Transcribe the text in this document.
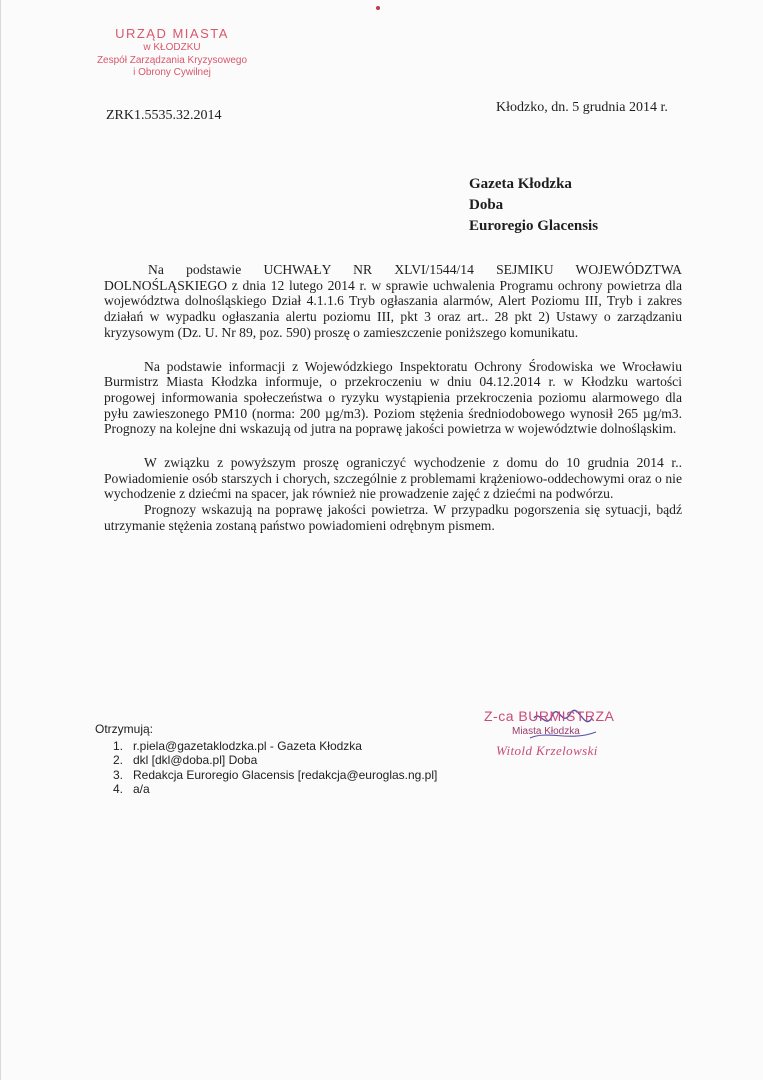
URZĄD MIASTA
w KŁODZKU
Zespół Zarządzania Kryzysowego
i Obrony Cywilnej
ZRK1.5535.32.2014
Kłodzko, dn. 5 grudnia 2014 r.
Gazeta Kłodzka
Doba
Euroregio Glacensis

Na podstawie UCHWAŁY NR XLVI/1544/14 SEJMIKU WOJEWÓDZTWA DOLNOŚLĄSKIEGO z dnia 12 lutego 2014 r. w sprawie uchwalenia Programu ochrony powietrza dla województwa dolnośląskiego Dział 4.1.1.6 Tryb ogłaszania alarmów, Alert Poziomu III, Tryb i zakres działań w wypadku ogłaszania alertu poziomu III, pkt 3 oraz art.. 28 pkt 2) Ustawy o zarządzaniu kryzysowym (Dz. U. Nr 89, poz. 590) proszę o zamieszczenie poniższego komunikatu.

Na podstawie informacji z Wojewódzkiego Inspektoratu Ochrony Środowiska we Wrocławiu Burmistrz Miasta Kłodzka informuje, o przekroczeniu w dniu 04.12.2014 r. w Kłodzku wartości progowej informowania społeczeństwa o ryzyku wystąpienia przekroczenia poziomu alarmowego dla pyłu zawieszonego PM10 (norma: 200 µg/m3). Poziom stężenia średniodobowego wynosił 265 µg/m3. Prognozy na kolejne dni wskazują od jutra na poprawę jakości powietrza w województwie dolnośląskim.

W związku z powyższym proszę ograniczyć wychodzenie z domu do 10 grudnia 2014 r.. Powiadomienie osób starszych i chorych, szczególnie z problemami krążeniowo-oddechowymi oraz o nie wychodzenie z dziećmi na spacer, jak również nie prowadzenie zajęć z dziećmi na podwórzu.

Prognozy wskazują na poprawę jakości powietrza. W przypadku pogorszenia się sytuacji, bądź utrzymanie stężenia zostaną państwo powiadomieni odrębnym pismem.

Z-ca BURMISTRZA
Miasta Kłodzka
Witold Krzelowski
Otrzymują:
1. r.piela@gazetaklodzka.pl - Gazeta Kłodzka
2. dkl [dkl@doba.pl] Doba
3. Redakcja Euroregio Glacensis [redakcja@euroglas.ng.pl]
4. a/a
